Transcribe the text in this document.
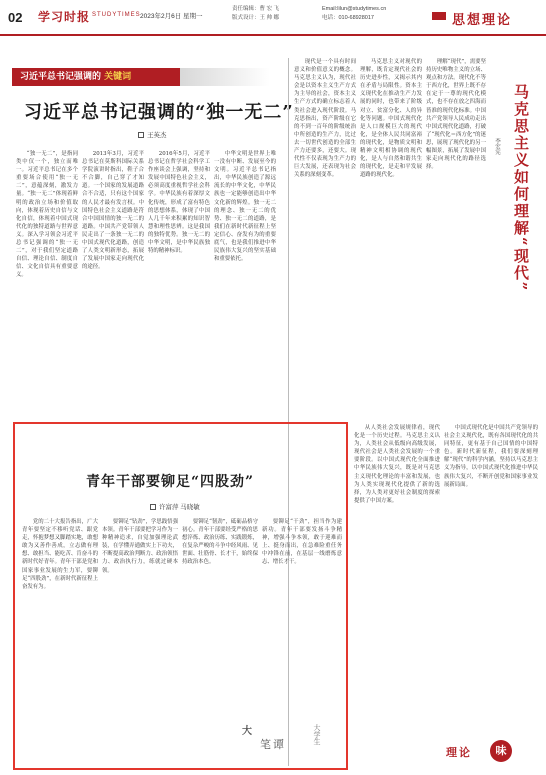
02 学习时报 STUDYTIMES 2023年2月6日 星期一
责任编辑：曹 宏 飞
版式设计：王 帅 娜
Email:lilun@studytimes.cn
电话：010-68928017	思想理论
习近平总书记强调的 关键词
习近平总书记强调的“独一无二”
王英杰
“独一无二”，是指同类中仅一个，独立而唯一。习近平总书记在多个重要场合使用“独一无二”，意蕴深刻，激发力量。“独一无二”体现着鲜明的政治立场和价值取向，体现着历史自信与文化自信，体现着中国式现代化的独特道路与世界意义。深入学习领会习近平总书记强调的“独一无二”，对于我们坚定道路自信、理论自信、制度自信、文化自信具有重要意义。
2013年3月，习近平总书记在莫斯科国际关系学院演讲时指出，鞋子合不合脚，自己穿了才知道。一个国家的发展道路合不合适，只有这个国家的人民才最有发言权。中国特色社会主义道路是符合中国国情的独一无二的道路。中国共产党带领人民走出了一条独一无二的中国式现代化道路，创造了人类文明新形态，拓展了发展中国家走向现代化的途径。
2016年5月，习近平总书记在哲学社会科学工作座谈会上强调，坚持和发展中国特色社会主义，必须高度重视哲学社会科学。中华民族有着深厚文化传统，形成了富有特色的思想体系，体现了中国人几千年来积累的知识智慧和理性思辨。这是我国的独特优势。独一无二的中华文明，是中华民族独特的精神标识。
中华文明是世界上唯一没有中断、发展至今的文明。习近平总书记指出，中华民族创造了源远流长的中华文化，中华民族也一定能够创造出中华文化新的辉煌。独一无二的理念、独一无二的优势、独一无二的道路，是我们在新时代新征程上坚定信心、奋发有为的重要底气，也是我们推进中华民族伟大复兴的坚实基础和重要依托。	马克思主义如何理解“现代”
李宏宪
现代是一个具有时间意义和价值意义的概念。马克思主义认为，现代社会是以资本主义生产方式为主导的社会，资本主义生产方式的确立标志着人类社会进入现代阶段。马克思指出，资产阶级在它的不到一百年的阶级统治中所创造的生产力，比过去一切世代创造的全部生产力还要多，还要大。现代性不仅表现为生产力的巨大发展，还表现为社会关系的深刻变革。
马克思主义对现代的理解，既肯定现代社会的历史进步性，又揭示其内在矛盾与局限性。资本主义现代化在推动生产力发展的同时，也带来了阶级对立、贫富分化、人的异化等问题。中国式现代化是人口规模巨大的现代化，是全体人民共同富裕的现代化，是物质文明和精神文明相协调的现代化，是人与自然和谐共生的现代化，是走和平发展道路的现代化。
理解“现代”，需要坚持历史唯物主义的立场、观点和方法。现代化不等于西方化，世界上既不存在定于一尊的现代化模式，也不存在放之四海而皆准的现代化标准。中国共产党领导人民成功走出中国式现代化道路，打破了“现代化＝西方化”的迷思，展现了现代化的另一幅图景，拓展了发展中国家走向现代化的路径选择。
从人类社会发展规律看，现代化是一个历史过程。马克思主义认为，人类社会从低级向高级发展，现代社会是人类社会发展的一个重要阶段。以中国式现代化全面推进中华民族伟大复兴，既是对马克思主义现代化理论的丰富和发展，也为人类实现现代化提供了新的选择，为人类对更好社会制度的探索提供了中国方案。
中国式现代化是中国共产党领导的社会主义现代化，既有各国现代化的共同特征，更有基于自己国情的中国特色。新时代新征程，我们要深刻理解“现代”的科学内涵，坚持以马克思主义为指导，以中国式现代化推进中华民族伟大复兴，不断开创党和国家事业发展新局面。
青年干部要铆足“四股劲”
许富萍 马晓敏
党的二十大报告指出，广大青年要坚定不移听党话、跟党走，怀抱梦想又脚踏实地，敢想敢为又善作善成，立志做有理想、敢担当、能吃苦、肯奋斗的新时代好青年。青年干部是党和国家事业发展的生力军，要铆足“四股劲”，在新时代新征程上奋发有为。
要铆足“钻劲”，学思践悟强本领。青年干部要把学习作为一种精神追求，自觉加强理论武装，在学懂弄通做实上下功夫，不断提高政治判断力、政治领悟力、政治执行力，练就过硬本领。
要铆足“韧劲”，砥砺品格守初心。青年干部要经受严格的思想淬炼、政治历练、实践锻炼，在复杂严峻的斗争中经风雨、见世面、壮筋骨、长才干，始终保持政治本色。
要铆足“干劲”，担当作为建新功。青年干部要发扬斗争精神，增强斗争本领，敢于迎难而上、挺身而出，在急难险重任务中冲锋在前，在基层一线磨炼意志、增长才干。
大
笔谭	大学生
理论	味
